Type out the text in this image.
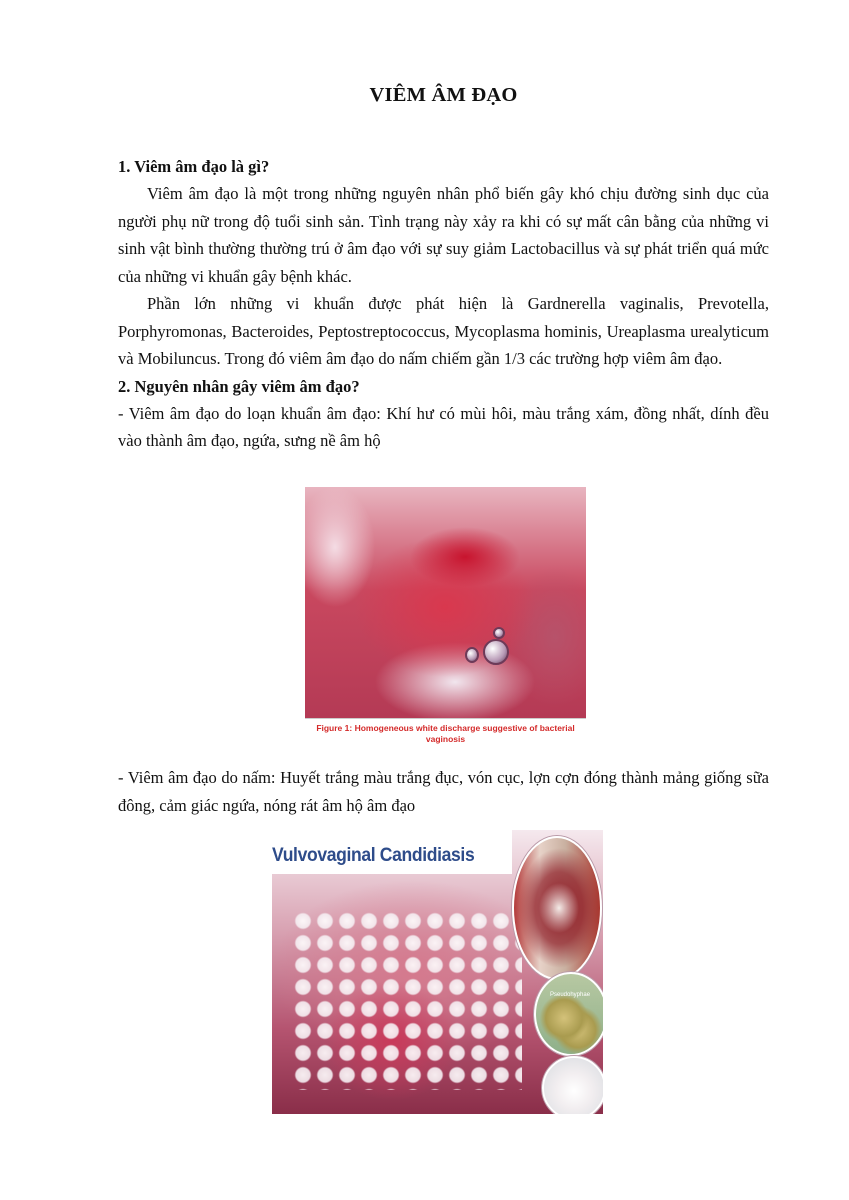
VIÊM ÂM ĐẠO

1. Viêm âm đạo là gì?

Viêm âm đạo là một trong những nguyên nhân phổ biến gây khó chịu đường sinh dục của người phụ nữ trong độ tuổi sinh sản. Tình trạng này xảy ra khi có sự mất cân bằng của những vi sinh vật bình thường thường trú ở âm đạo với sự suy giảm Lactobacillus và sự phát triển quá mức của những vi khuẩn gây bệnh khác.

Phần lớn những vi khuẩn được phát hiện là Gardnerella vaginalis, Prevotella, Porphyromonas, Bacteroides, Peptostreptococcus, Mycoplasma hominis, Ureaplasma urealyticum và Mobiluncus. Trong đó viêm âm đạo do nấm chiếm gần 1/3 các trường hợp viêm âm đạo.

2. Nguyên nhân gây viêm âm đạo?

- Viêm âm đạo do loạn khuẩn âm đạo: Khí hư có mùi hôi, màu trắng xám, đồng nhất, dính đều vào thành âm đạo, ngứa, sưng nề âm hộ

Figure 1: Homogeneous white discharge suggestive of bacterial
vaginosis

- Viêm âm đạo do nấm: Huyết trắng màu trắng đục, vón cục, lợn cợn đóng thành mảng giống sữa đông, cảm giác ngứa, nóng rát âm hộ âm đạo

Vulvovaginal Candidiasis
Pseudohyphae
